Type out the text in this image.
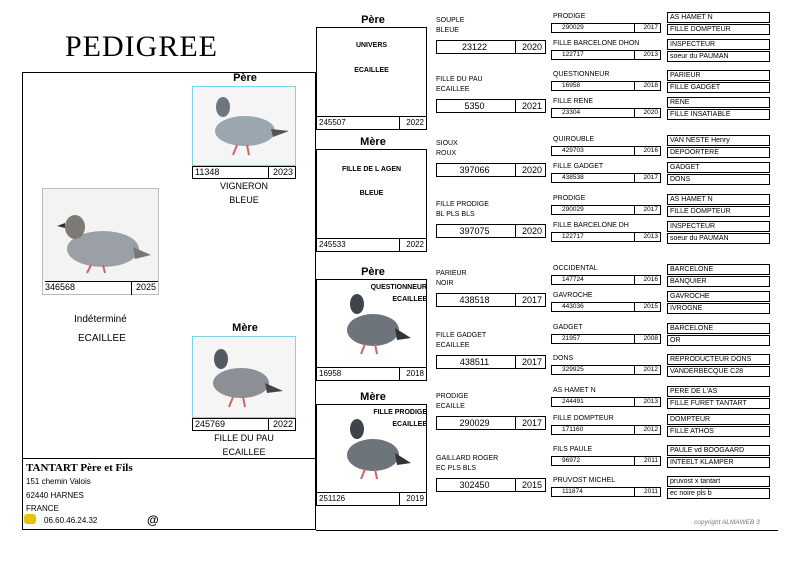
PEDIGREE
346568	2025
Indéterminé
ECAILLEE
Père
11348	2023
VIGNERON
BLEUE
Mère
245769	2022
FILLE DU PAU
ECAILLEE
TANTART Père et Fils
151 chemin Valois
62440 HARNES
FRANCE
06.60.46.24.32	@	copyright ALMAWEB 3
Père
UNIVERS
ECAILLEE
245507	2022
Mère
FILLE DE L AGEN
BLEUE
245533	2022
Père
QUESTIONNEUR
ECAILLEE
16958	2018
Mère
FILLE PRODIGE
ECAILLEE
251126	2019
SOUPLE
BLEUE
23122	2020
FILLE DU PAU
ECAILLEE
5350	2021
SIOUX
ROUX
397066	2020
FILLE PRODIGE
BL PLS BLS
397075	2020
PARIEUR
NOIR
438518	2017
FILLE GADGET
ECAILLEE
438511	2017
PRODIGE
ECAILLE
290029	2017
GAILLARD ROGER
EC PLS BLS
302450	2015
PRODIGE
290029	2017
FILLE BARCELONE DHON
122717	2013
QUESTIONNEUR
16958	2018
FILLE RENE
23304	2020
QUIROUBLE
429703	2016
FILLE GADGET
438538	2017
PRODIGE
290029	2017
FILLE BARCELONE DH
122717	2013
OCCIDENTAL
147724	2016
GAVROCHE
443036	2015
GADGET
21957	2008
DONS
329925	2012
AS HAMET N
244491	2013
FILLE DOMPTEUR
171160	2012
FILS PAULE
96972	2011
PRUVOST MICHEL
111874	2011
AS HAMET N
FILLE DOMPTEUR
INSPECTEUR
soeur du PAUMAN
PARIEUR
FILLE GADGET
RENE
FILLE INSATIABLE
VAN NESTE Henry
DEPOORTERE
GADGET
DONS
AS HAMET N
FILLE DOMPTEUR
INSPECTEUR
soeur du PAUMAN
BARCELONE
BANQUIER
GAVROCHE
IVROGNE
BARCELONE
OR
REPRODUCTEUR DONS
VANDERBECQUE C28
PERE DE L'AS
FILLE FURET TANTART
DOMPTEUR
FILLE ATHOS
PAULE vd BOOGAARD
INTEELT KLAMPER
pruvost x tantart
ec noire pls b
